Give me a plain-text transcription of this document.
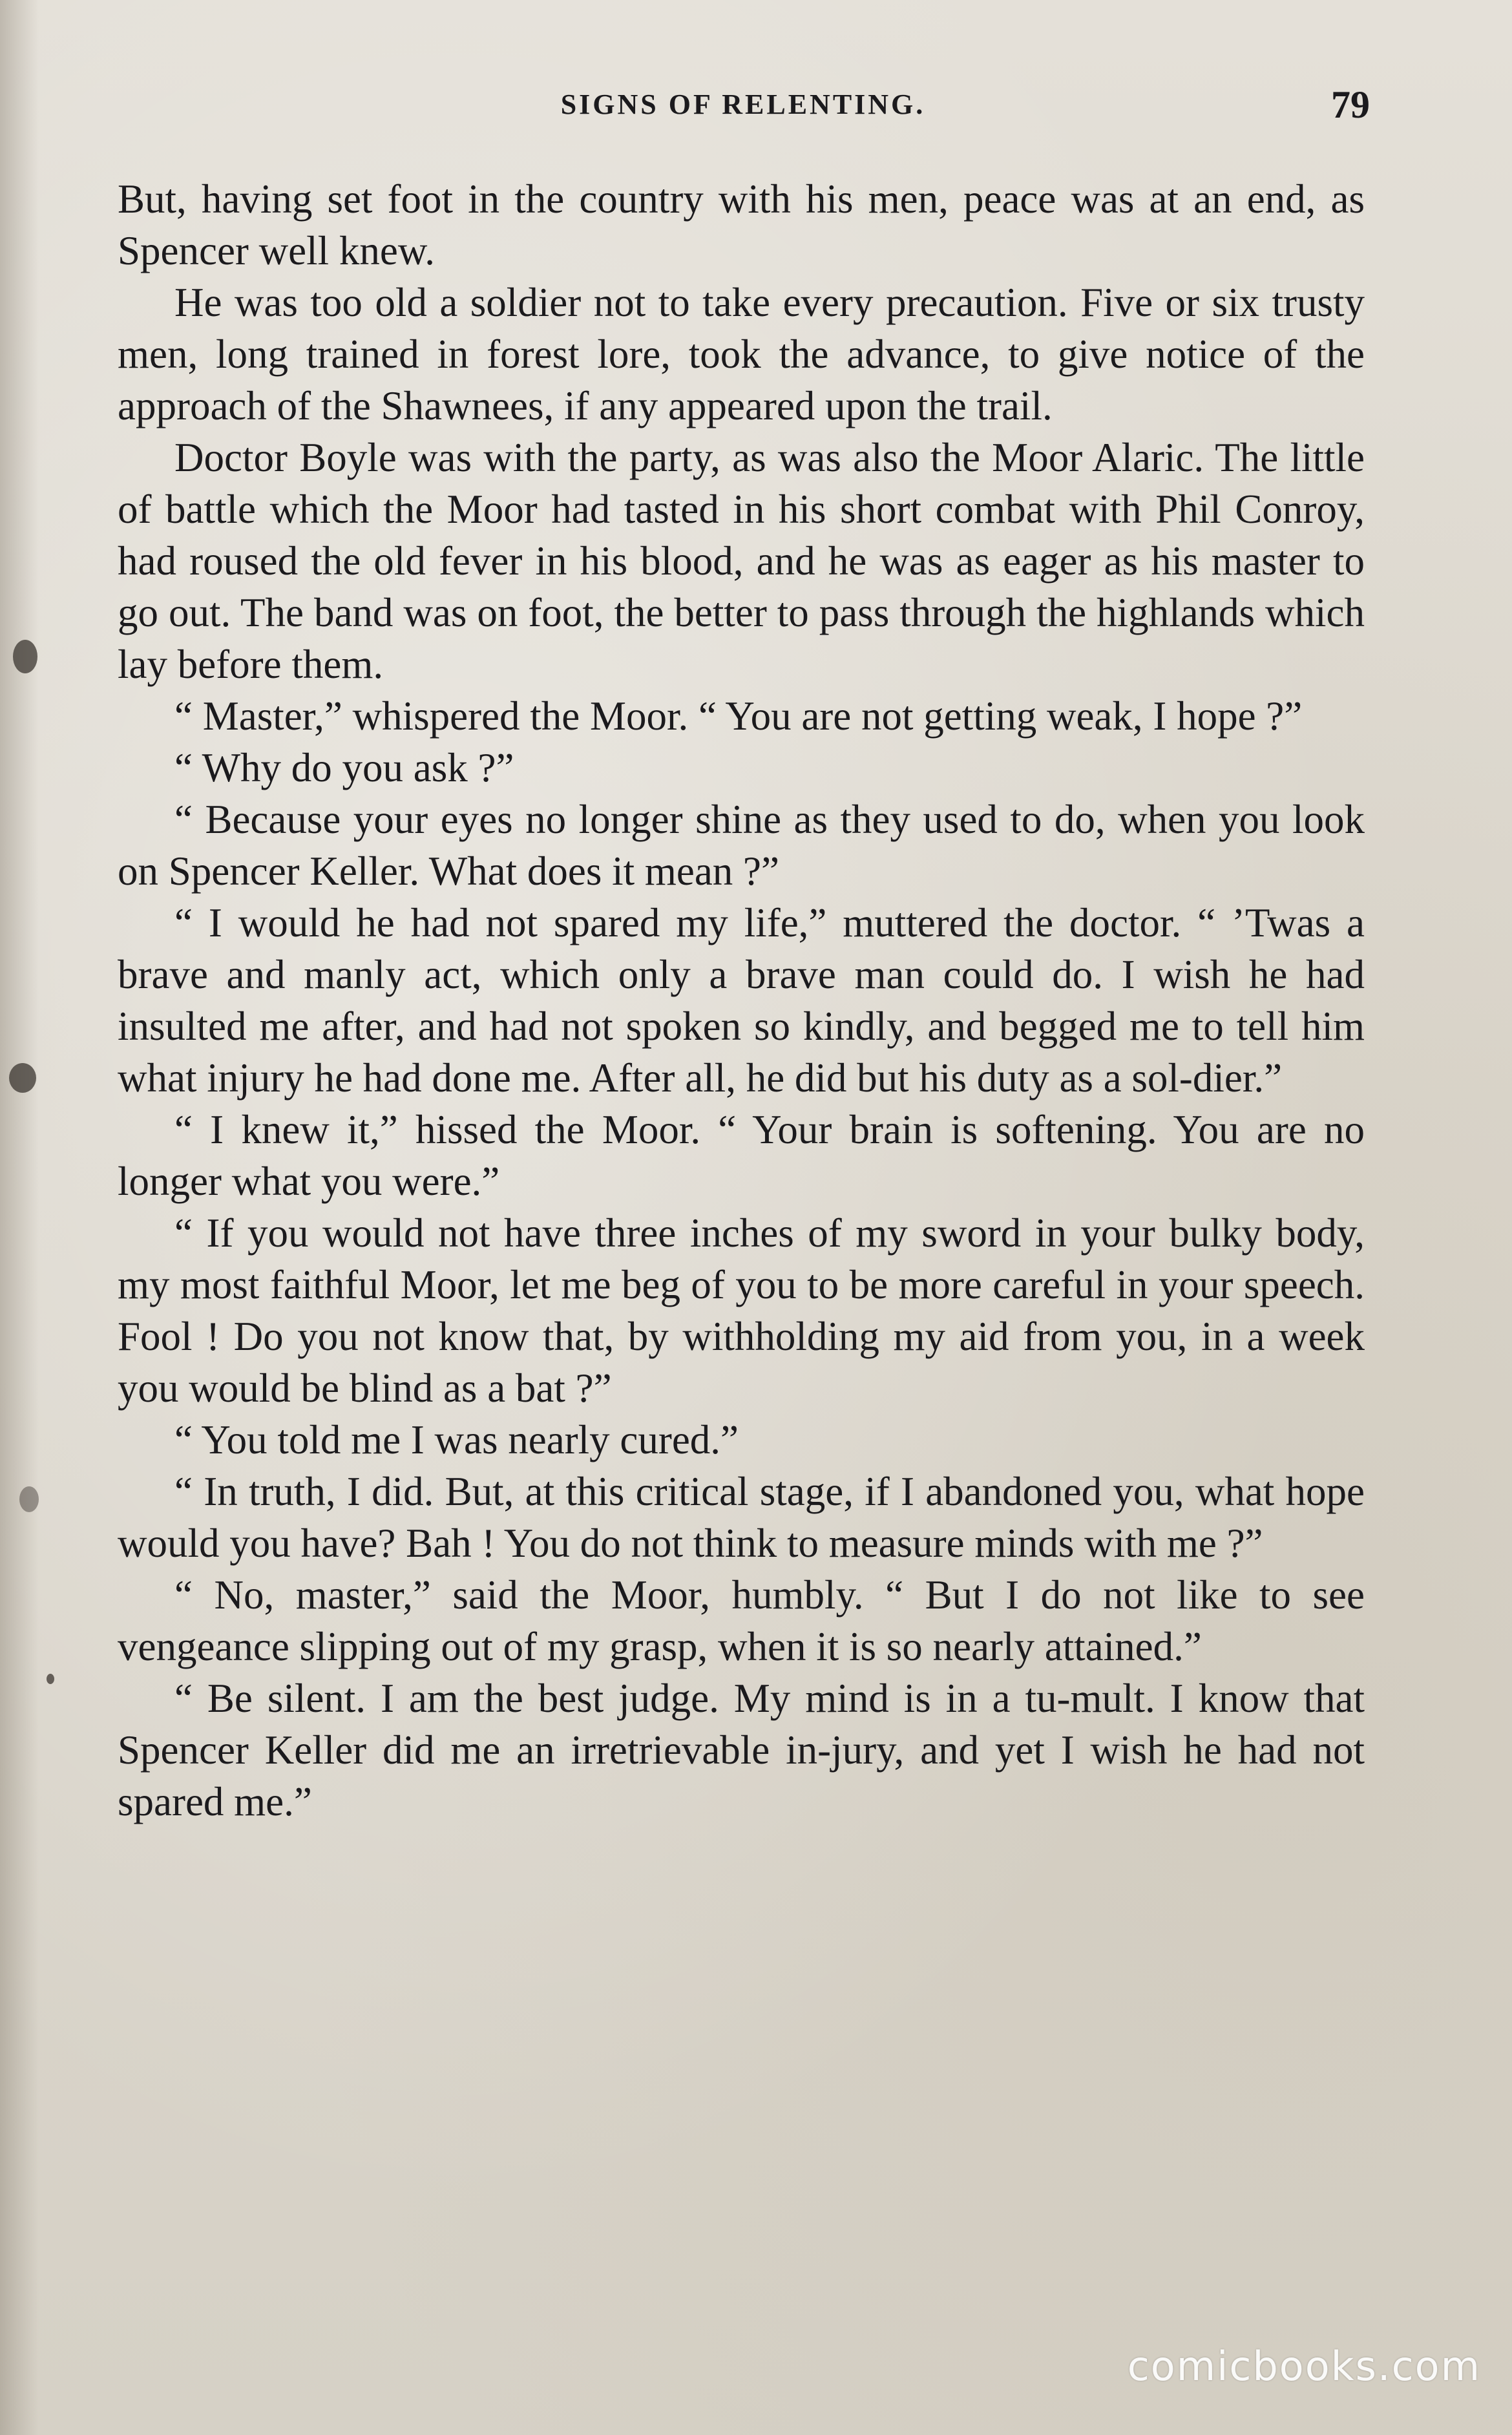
SIGNS OF RELENTING.	79

But, having set foot in the country with his men, peace was at an end, as Spencer well knew.

He was too old a soldier not to take every precaution. Five or six trusty men, long trained in forest lore, took the advance, to give notice of the approach of the Shawnees, if any appeared upon the trail.

Doctor Boyle was with the party, as was also the Moor Alaric. The little of battle which the Moor had tasted in his short combat with Phil Conroy, had roused the old fever in his blood, and he was as eager as his master to go out. The band was on foot, the better to pass through the highlands which lay before them.

“ Master,” whispered the Moor. “ You are not getting weak, I hope ?”

“ Why do you ask ?”

“ Because your eyes no longer shine as they used to do, when you look on Spencer Keller. What does it mean ?”

“ I would he had not spared my life,” muttered the doctor. “ ’Twas a brave and manly act, which only a brave man could do. I wish he had insulted me after, and had not spoken so kindly, and begged me to tell him what injury he had done me. After all, he did but his duty as a sol-dier.”

“ I knew it,” hissed the Moor. “ Your brain is softening. You are no longer what you were.”

“ If you would not have three inches of my sword in your bulky body, my most faithful Moor, let me beg of you to be more careful in your speech. Fool ! Do you not know that, by withholding my aid from you, in a week you would be blind as a bat ?”

“ You told me I was nearly cured.”

“ In truth, I did. But, at this critical stage, if I abandoned you, what hope would you have? Bah ! You do not think to measure minds with me ?”

“ No, master,” said the Moor, humbly. “ But I do not like to see vengeance slipping out of my grasp, when it is so nearly attained.”

“ Be silent. I am the best judge. My mind is in a tu-mult. I know that Spencer Keller did me an irretrievable in-jury, and yet I wish he had not spared me.”

comicbooks.com
